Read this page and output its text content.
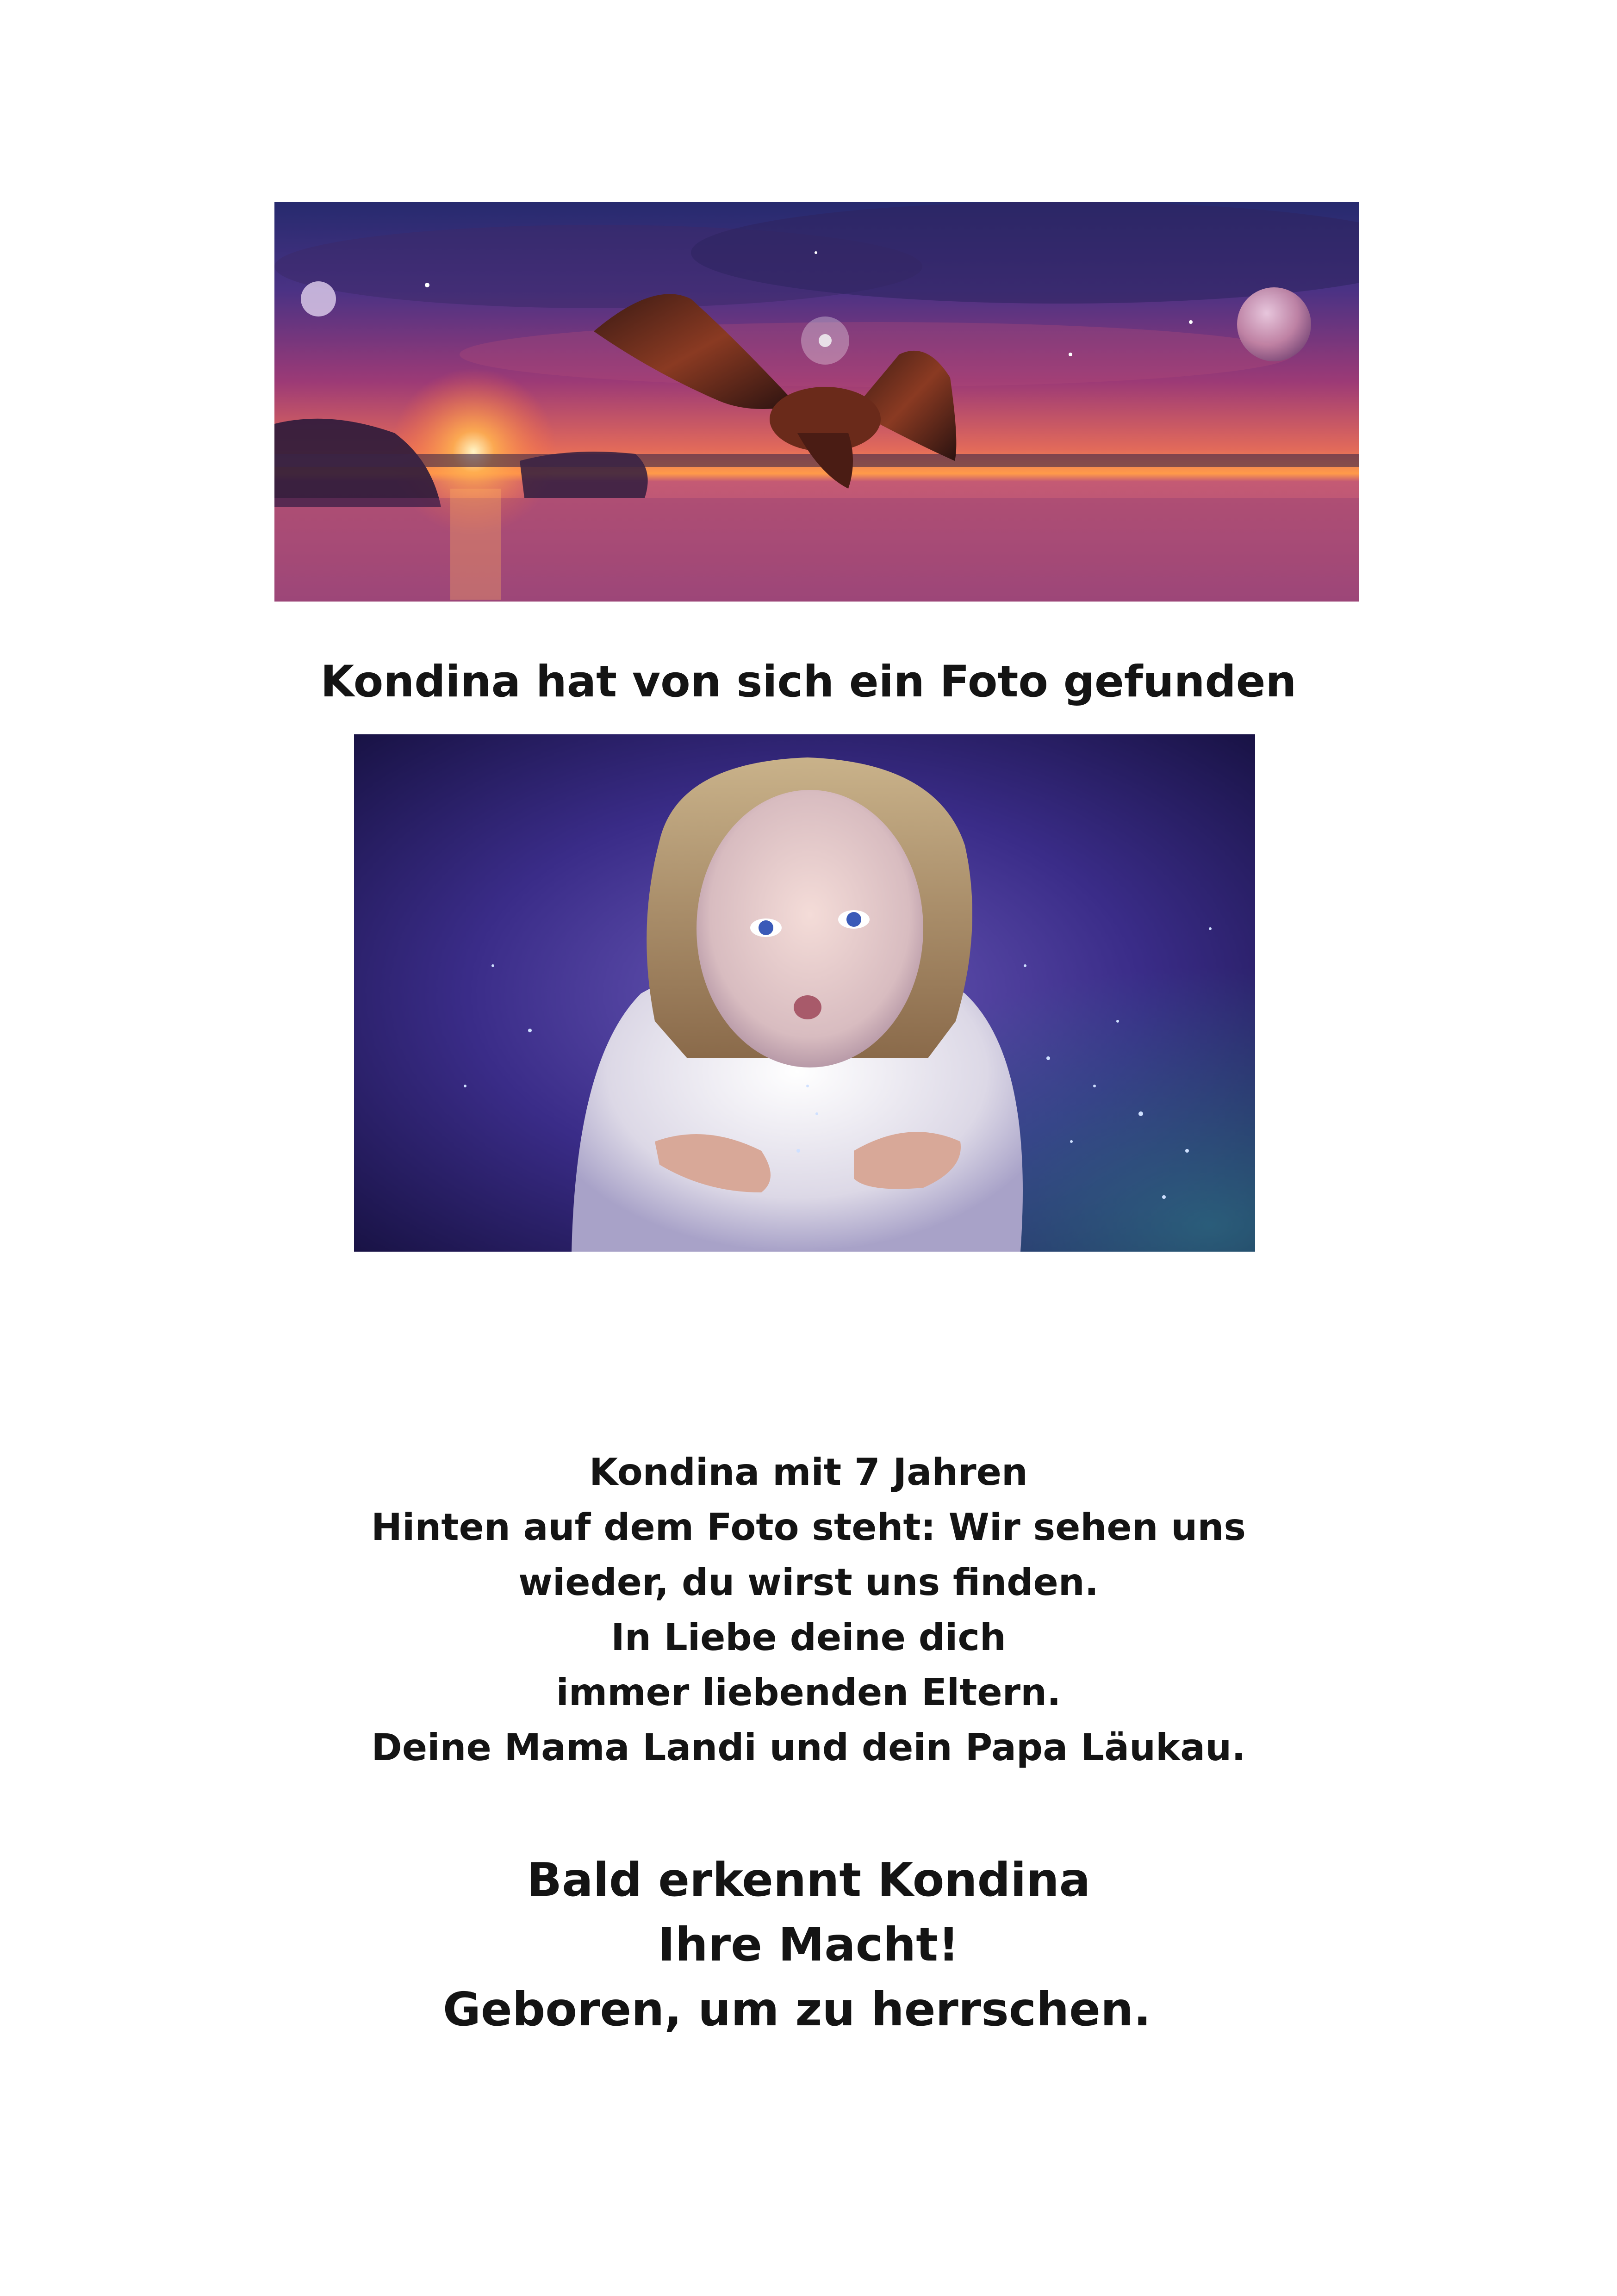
Kondina hat von sich ein Foto gefunden

Kondina mit 7 Jahren

Hinten auf dem Foto steht: Wir sehen uns

wieder, du wirst uns finden.

In Liebe deine dich

immer liebenden Eltern.

Deine Mama Landi und dein Papa Läukau.

Bald erkennt Kondina

Ihre Macht!

Geboren, um zu herrschen.
